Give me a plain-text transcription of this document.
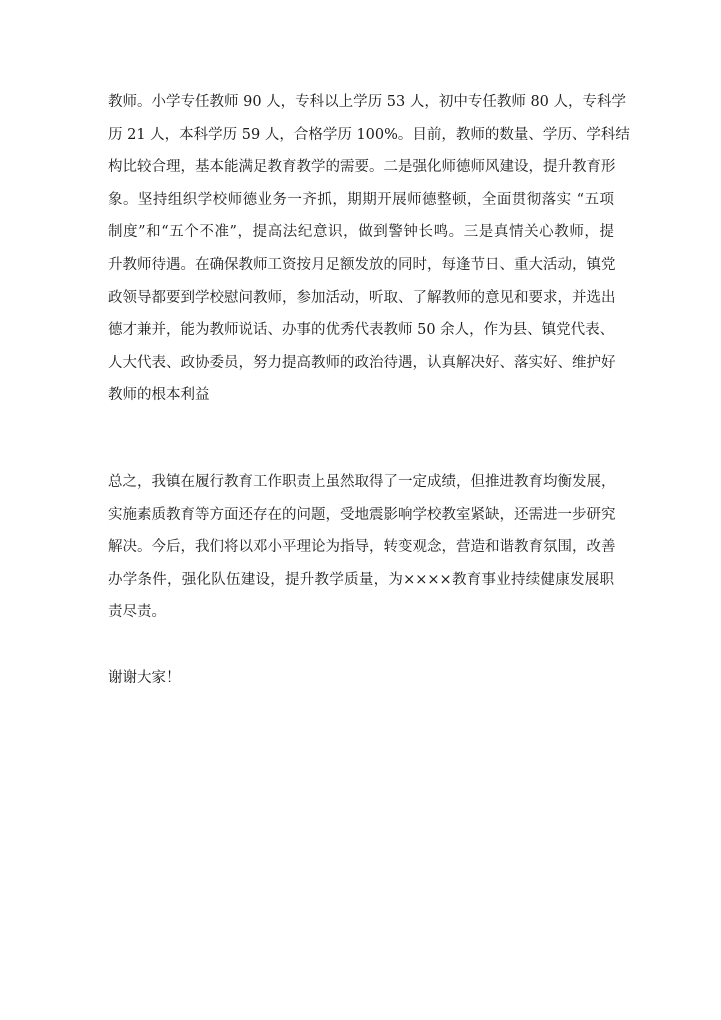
教师。小学专任教师 90 人，专科以上学历 53 人，初中专任教师 80 人，专科学
历 21 人，本科学历 59 人，合格学历 100%。目前，教师的数量、学历、学科结
构比较合理，基本能满足教育教学的需要。二是强化师德师风建设，提升教育形
象。坚持组织学校师德业务一齐抓，期期开展师德整顿，全面贯彻落实 “五项
制度”和“五个不准”，提高法纪意识，做到警钟长鸣。三是真情关心教师，提
升教师待遇。在确保教师工资按月足额发放的同时，每逢节日、重大活动，镇党
政领导都要到学校慰问教师，参加活动，听取、了解教师的意见和要求，并选出
德才兼并，能为教师说话、办事的优秀代表教师 50 余人，作为县、镇党代表、
人大代表、政协委员，努力提高教师的政治待遇，认真解决好、落实好、维护好
教师的根本利益
总之，我镇在履行教育工作职责上虽然取得了一定成绩，但推进教育均衡发展，
实施素质教育等方面还存在的问题，受地震影响学校教室紧缺，还需进一步研究
解决。今后，我们将以邓小平理论为指导，转变观念，营造和谐教育氛围，改善
办学条件，强化队伍建设，提升教学质量，为××××教育事业持续健康发展职
责尽责。
谢谢大家！
